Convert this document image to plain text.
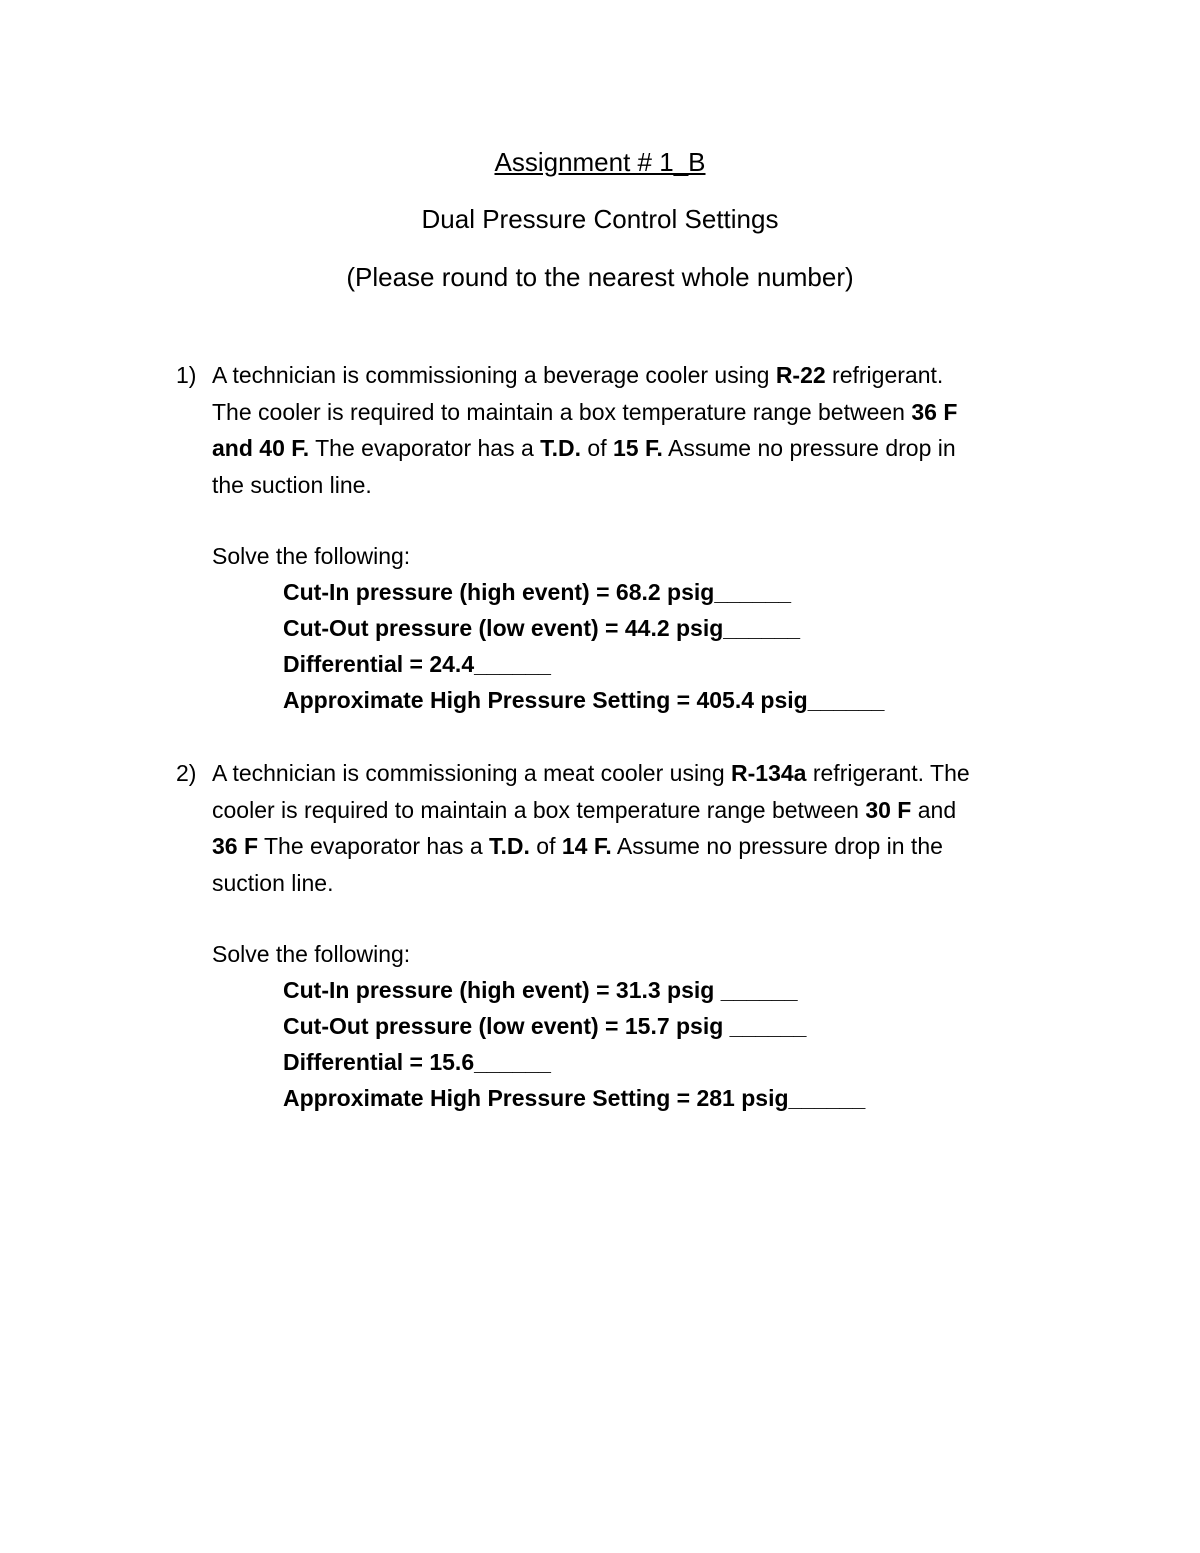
Assignment # 1_B
Dual Pressure Control Settings
(Please round to the nearest whole number)
1) A technician is commissioning a beverage cooler using R-22 refrigerant.
The cooler is required to maintain a box temperature range between 36 F
and 40 F. The evaporator has a T.D. of 15 F. Assume no pressure drop in
the suction line.
Solve the following:
Cut-In pressure (high event) = 68.2 psig______
Cut-Out pressure (low event) = 44.2 psig______
Differential = 24.4______
Approximate High Pressure Setting = 405.4 psig______
2) A technician is commissioning a meat cooler using R-134a refrigerant. The
cooler is required to maintain a box temperature range between 30 F and
36 F The evaporator has a T.D. of 14 F. Assume no pressure drop in the
suction line.
Solve the following:
Cut-In pressure (high event) = 31.3 psig ______
Cut-Out pressure (low event) = 15.7 psig ______
Differential = 15.6______
Approximate High Pressure Setting = 281 psig______
